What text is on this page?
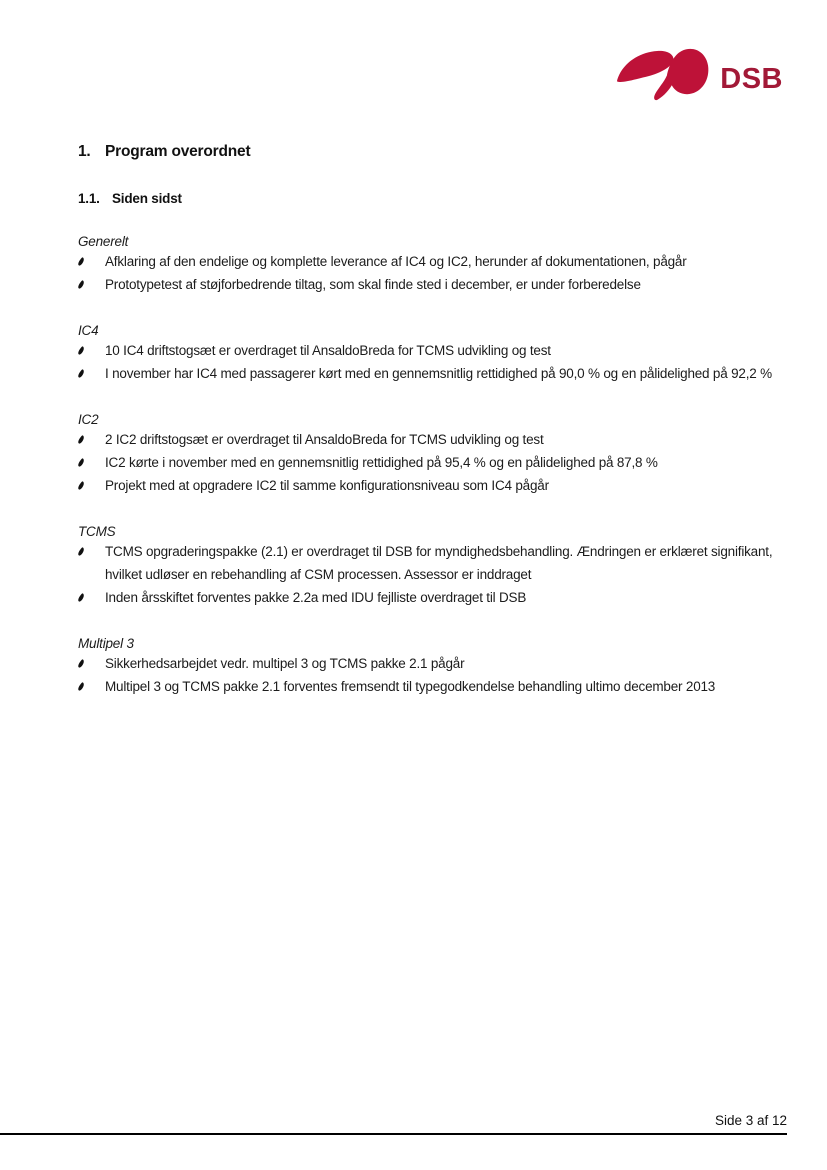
DSB
1. Program overordnet
1.1. Siden sidst
Generelt
Afklaring af den endelige og komplette leverance af IC4 og IC2, herunder af dokumentationen, pågår
Prototypetest af støjforbedrende tiltag, som skal finde sted i december, er under forberedelse
IC4
10 IC4 driftstogsæt er overdraget til AnsaldoBreda for TCMS udvikling og test
I november har IC4 med passagerer kørt med en gennemsnitlig rettidighed på 90,0 % og en pålidelighed på 92,2 %
IC2
2 IC2 driftstogsæt er overdraget til AnsaldoBreda for TCMS udvikling og test
IC2 kørte i november med en gennemsnitlig rettidighed på 95,4 % og en pålidelighed på 87,8 %
Projekt med at opgradere IC2 til samme konfigurationsniveau som IC4 pågår
TCMS
TCMS opgraderingspakke (2.1) er overdraget til DSB for myndighedsbehandling. Ændringen er erklæret signifikant, hvilket udløser en rebehandling af CSM processen. Assessor er inddraget
Inden årsskiftet forventes pakke 2.2a med IDU fejlliste overdraget til DSB
Multipel 3
Sikkerhedsarbejdet vedr. multipel 3 og TCMS pakke 2.1 pågår
Multipel 3 og TCMS pakke 2.1 forventes fremsendt til typegodkendelse behandling ultimo december 2013
Side 3 af 12
